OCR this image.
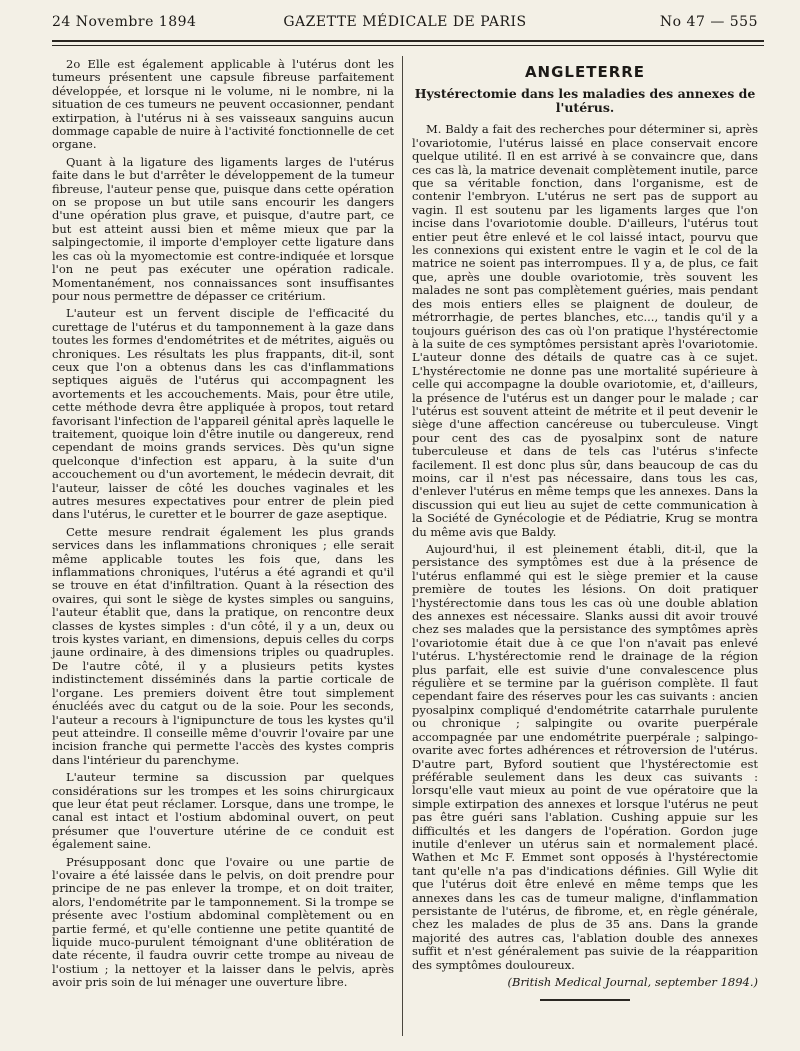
24 Novembre 1894	GAZETTE MÉDICALE DE PARIS	No 47 — 555

2o Elle est également applicable à l'utérus dont les tumeurs présentent une capsule fibreuse parfaitement développée, et lorsque ni le volume, ni le nombre, ni la situation de ces tumeurs ne peuvent occasionner, pendant extirpation, à l'utérus ni à ses vaisseaux sanguins aucun dommage capable de nuire à l'activité fonctionnelle de cet organe.

Quant à la ligature des ligaments larges de l'utérus faite dans le but d'arrêter le développement de la tumeur fibreuse, l'auteur pense que, puisque dans cette opération on se propose un but utile sans encourir les dangers d'une opération plus grave, et puisque, d'autre part, ce but est atteint aussi bien et même mieux que par la salpingectomie, il importe d'employer cette ligature dans les cas où la myomectomie est contre-indiquée et lorsque l'on ne peut pas exécuter une opération radicale. Momentanément, nos connaissances sont insuffisantes pour nous permettre de dépasser ce critérium.

L'auteur est un fervent disciple de l'efficacité du curettage de l'utérus et du tamponnement à la gaze dans toutes les formes d'endométrites et de métrites, aiguës ou chroniques. Les résultats les plus frappants, dit-il, sont ceux que l'on a obtenus dans les cas d'inflammations septiques aiguës de l'utérus qui accompagnent les avortements et les accouchements. Mais, pour être utile, cette méthode devra être appliquée à propos, tout retard favorisant l'infection de l'appareil génital après laquelle le traitement, quoique loin d'être inutile ou dangereux, rend cependant de moins grands services. Dès qu'un signe quelconque d'infection est apparu, à la suite d'un accouchement ou d'un avortement, le médecin devrait, dit l'auteur, laisser de côté les douches vaginales et les autres mesures expectatives pour entrer de plein pied dans l'utérus, le curetter et le bourrer de gaze aseptique.

Cette mesure rendrait également les plus grands services dans les inflammations chroniques ; elle serait même applicable toutes les fois que, dans les inflammations chroniques, l'utérus a été agrandi et qu'il se trouve en état d'infiltration. Quant à la résection des ovaires, qui sont le siège de kystes simples ou sanguins, l'auteur établit que, dans la pratique, on rencontre deux classes de kystes simples : d'un côté, il y a un, deux ou trois kystes variant, en dimensions, depuis celles du corps jaune ordinaire, à des dimensions triples ou quadruples. De l'autre côté, il y a plusieurs petits kystes indistinctement disséminés dans la partie corticale de l'organe. Les premiers doivent être tout simplement énucléés avec du catgut ou de la soie. Pour les seconds, l'auteur a recours à l'ignipuncture de tous les kystes qu'il peut atteindre. Il conseille même d'ouvrir l'ovaire par une incision franche qui permette l'accès des kystes compris dans l'intérieur du parenchyme.

L'auteur termine sa discussion par quelques considérations sur les trompes et les soins chirurgicaux que leur état peut réclamer. Lorsque, dans une trompe, le canal est intact et l'ostium abdominal ouvert, on peut présumer que l'ouverture utérine de ce conduit est également saine.

Présupposant donc que l'ovaire ou une partie de l'ovaire a été laissée dans le pelvis, on doit prendre pour principe de ne pas enlever la trompe, et on doit traiter, alors, l'endométrite par le tamponnement. Si la trompe se présente avec l'ostium abdominal complètement ou en partie fermé, et qu'elle contienne une petite quantité de liquide muco-purulent témoignant d'une oblitération de date récente, il faudra ouvrir cette trompe au niveau de l'ostium ; la nettoyer et la laisser dans le pelvis, après avoir pris soin de lui ménager une ouverture libre.

ANGLETERRE
Hystérectomie dans les maladies des annexes de l'utérus.

M. Baldy a fait des recherches pour déterminer si, après l'ovariotomie, l'utérus laissé en place conservait encore quelque utilité. Il en est arrivé à se convaincre que, dans ces cas là, la matrice devenait complètement inutile, parce que sa véritable fonction, dans l'organisme, est de contenir l'embryon. L'utérus ne sert pas de support au vagin. Il est soutenu par les ligaments larges que l'on incise dans l'ovariotomie double. D'ailleurs, l'utérus tout entier peut être enlevé et le col laissé intact, pourvu que les connexions qui existent entre le vagin et le col de la matrice ne soient pas interrompues. Il y a, de plus, ce fait que, après une double ovariotomie, très souvent les malades ne sont pas complètement guéries, mais pendant des mois entiers elles se plaignent de douleur, de métrorrhagie, de pertes blanches, etc..., tandis qu'il y a toujours guérison des cas où l'on pratique l'hystérectomie à la suite de ces symptômes persistant après l'ovariotomie. L'auteur donne des détails de quatre cas à ce sujet. L'hystérectomie ne donne pas une mortalité supérieure à celle qui accompagne la double ovariotomie, et, d'ailleurs, la présence de l'utérus est un danger pour le malade ; car l'utérus est souvent atteint de métrite et il peut devenir le siège d'une affection cancéreuse ou tuberculeuse. Vingt pour cent des cas de pyosalpinx sont de nature tuberculeuse et dans de tels cas l'utérus s'infecte facilement. Il est donc plus sûr, dans beaucoup de cas du moins, car il n'est pas nécessaire, dans tous les cas, d'enlever l'utérus en même temps que les annexes. Dans la discussion qui eut lieu au sujet de cette communication à la Société de Gynécologie et de Pédiatrie, Krug se montra du même avis que Baldy.

Aujourd'hui, il est pleinement établi, dit-il, que la persistance des symptômes est due à la présence de l'utérus enflammé qui est le siège premier et la cause première de toutes les lésions. On doit pratiquer l'hystérectomie dans tous les cas où une double ablation des annexes est nécessaire. Slanks aussi dit avoir trouvé chez ses malades que la persistance des symptômes après l'ovariotomie était due à ce que l'on n'avait pas enlevé l'utérus. L'hystérectomie rend le drainage de la région plus parfait, elle est suivie d'une convalescence plus régulière et se termine par la guérison complète. Il faut cependant faire des réserves pour les cas suivants : ancien pyosalpinx compliqué d'endométrite catarrhale purulente ou chronique ; salpingite ou ovarite puerpérale accompagnée par une endométrite puerpérale ; salpingo-ovarite avec fortes adhérences et rétroversion de l'utérus. D'autre part, Byford soutient que l'hystérectomie est préférable seulement dans les deux cas suivants : lorsqu'elle vaut mieux au point de vue opératoire que la simple extirpation des annexes et lorsque l'utérus ne peut pas être guéri sans l'ablation. Cushing appuie sur les difficultés et les dangers de l'opération. Gordon juge inutile d'enlever un utérus sain et normalement placé. Wathen et Mc F. Emmet sont opposés à l'hystérectomie tant qu'elle n'a pas d'indications définies. Gill Wylie dit que l'utérus doit être enlevé en même temps que les annexes dans les cas de tumeur maligne, d'inflammation persistante de l'utérus, de fibrome, et, en règle générale, chez les malades de plus de 35 ans. Dans la grande majorité des autres cas, l'ablation double des annexes suffit et n'est généralement pas suivie de la réapparition des symptômes douloureux.

(British Medical Journal, september 1894.)
